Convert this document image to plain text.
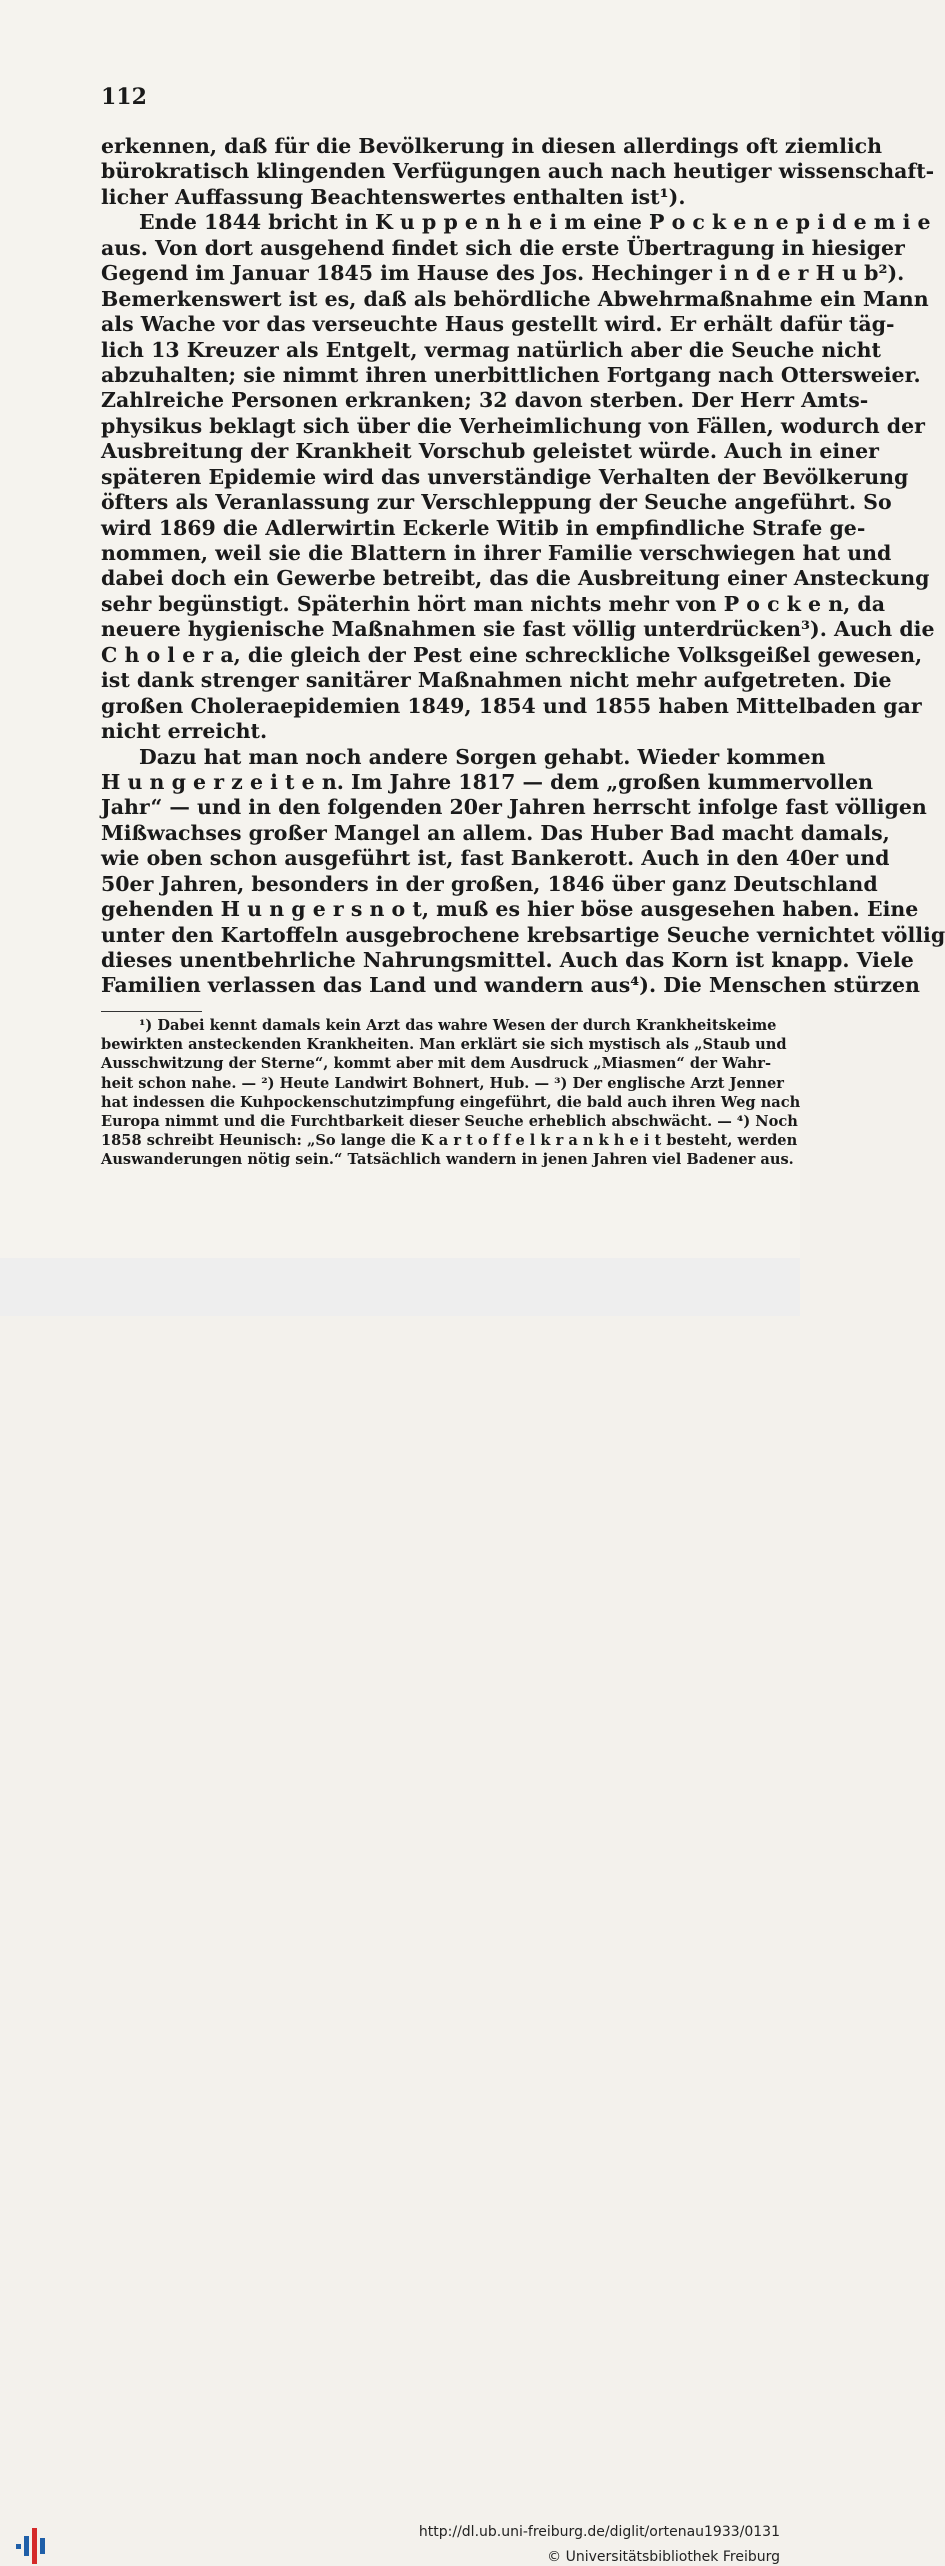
112
erkennen, daß für die Bevölkerung in diesen allerdings oft ziemlich
bürokratisch klingenden Verfügungen auch nach heutiger wissenschaft-
licher Auffassung Beachtenswertes enthalten ist¹).
Ende 1844 bricht in K u p p e n h e i m eine P o c k e n e p i d e m i e
aus. Von dort ausgehend findet sich die erste Übertragung in hiesiger
Gegend im Januar 1845 im Hause des Jos. Hechinger i n d e r H u b²).
Bemerkenswert ist es, daß als behördliche Abwehrmaßnahme ein Mann
als Wache vor das verseuchte Haus gestellt wird. Er erhält dafür täg-
lich 13 Kreuzer als Entgelt, vermag natürlich aber die Seuche nicht
abzuhalten; sie nimmt ihren unerbittlichen Fortgang nach Ottersweier.
Zahlreiche Personen erkranken; 32 davon sterben. Der Herr Amts-
physikus beklagt sich über die Verheimlichung von Fällen, wodurch der
Ausbreitung der Krankheit Vorschub geleistet würde. Auch in einer
späteren Epidemie wird das unverständige Verhalten der Bevölkerung
öfters als Veranlassung zur Verschleppung der Seuche angeführt. So
wird 1869 die Adlerwirtin Eckerle Witib in empfindliche Strafe ge-
nommen, weil sie die Blattern in ihrer Familie verschwiegen hat und
dabei doch ein Gewerbe betreibt, das die Ausbreitung einer Ansteckung
sehr begünstigt. Späterhin hört man nichts mehr von P o c k e n, da
neuere hygienische Maßnahmen sie fast völlig unterdrücken³). Auch die
C h o l e r a, die gleich der Pest eine schreckliche Volksgeißel gewesen,
ist dank strenger sanitärer Maßnahmen nicht mehr aufgetreten. Die
großen Choleraepidemien 1849, 1854 und 1855 haben Mittelbaden gar
nicht erreicht.
Dazu hat man noch andere Sorgen gehabt. Wieder kommen
H u n g e r z e i t e n. Im Jahre 1817 — dem „großen kummervollen
Jahr“ — und in den folgenden 20er Jahren herrscht infolge fast völligen
Mißwachses großer Mangel an allem. Das Huber Bad macht damals,
wie oben schon ausgeführt ist, fast Bankerott. Auch in den 40er und
50er Jahren, besonders in der großen, 1846 über ganz Deutschland
gehenden H u n g e r s n o t, muß es hier böse ausgesehen haben. Eine
unter den Kartoffeln ausgebrochene krebsartige Seuche vernichtet völlig
dieses unentbehrliche Nahrungsmittel. Auch das Korn ist knapp. Viele
Familien verlassen das Land und wandern aus⁴). Die Menschen stürzen
¹) Dabei kennt damals kein Arzt das wahre Wesen der durch Krankheitskeime
bewirkten ansteckenden Krankheiten. Man erklärt sie sich mystisch als „Staub und
Ausschwitzung der Sterne“, kommt aber mit dem Ausdruck „Miasmen“ der Wahr-
heit schon nahe. — ²) Heute Landwirt Bohnert, Hub. — ³) Der englische Arzt Jenner
hat indessen die Kuhpockenschutzimpfung eingeführt, die bald auch ihren Weg nach
Europa nimmt und die Furchtbarkeit dieser Seuche erheblich abschwächt. — ⁴) Noch
1858 schreibt Heunisch: „So lange die K a r t o f f e l k r a n k h e i t besteht, werden
Auswanderungen nötig sein.“ Tatsächlich wandern in jenen Jahren viel Badener aus.
http://dl.ub.uni-freiburg.de/diglit/ortenau1933/0131
© Universitätsbibliothek Freiburg
